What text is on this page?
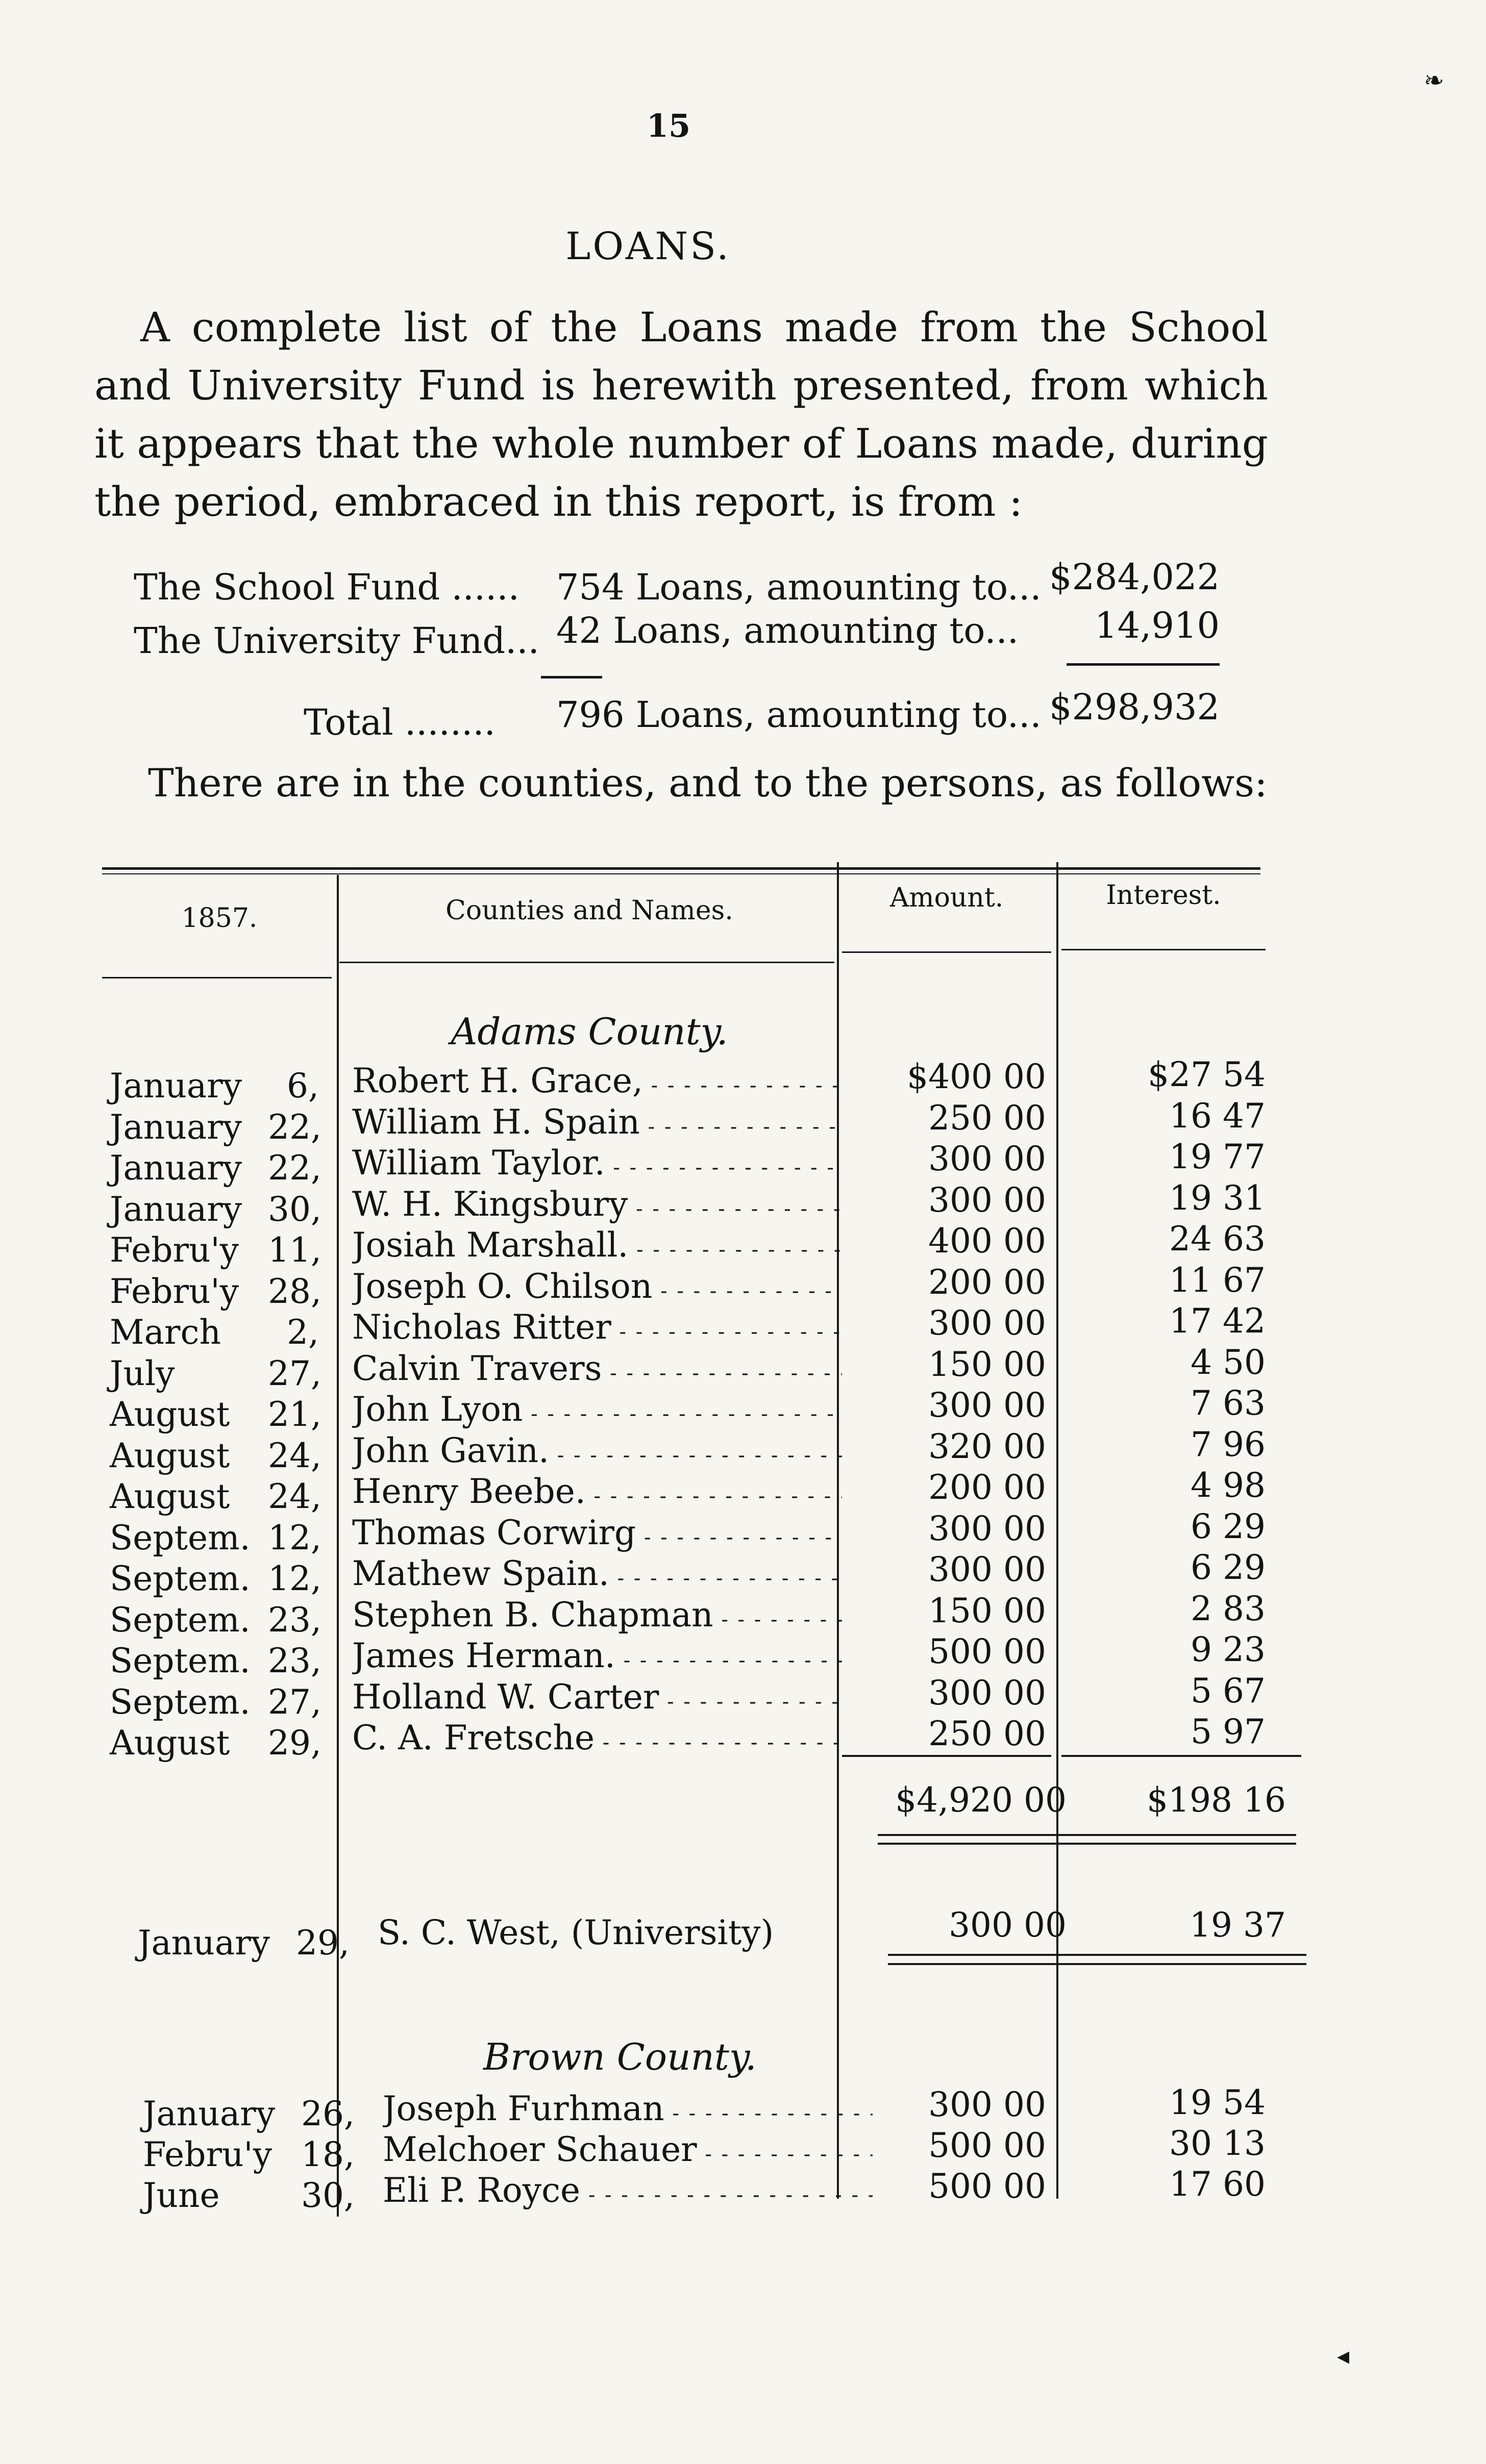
15
LOANS.
A complete list of the Loans made from the School and University Fund is herewith presented, from which it appears that the whole number of Loans made, during the period, embraced in this report, is from :
The School Fund ...... 754 Loans, amounting to... $284,022
The University Fund... 42 Loans, amounting to...	14,910
Total ........ 796 Loans, amounting to... $298,932
There are in the counties, and to the persons, as follows:
1857.	Counties and Names.	Amount.	Interest.
Adams County.
January 6, Robert H. Grace, - - -	$400 00	$27 54
January 22, William H. Spain - - -	250 00	16 47
January 22, William Taylor. - - -	300 00	19 77
January 30, W. H. Kingsbury - - -	300 00	19 31
Febru'y 11, Josiah Marshall. - - -	400 00	24 63
Febru'y 28, Joseph O. Chilson - - -	200 00	11 67
March 2, Nicholas Ritter - - -	300 00	17 42
July	27, Calvin Travers - - -	150 00	4 50
August 21, John Lyon - - -	300 00	7 63
August 24, John Gavin. - - -	320 00	7 96
August 24, Henry Beebe. - - -	200 00	4 98
Septem. 12, Thomas Corwirg - - -	300 00	6 29
Septem. 12, Mathew Spain. - - -	300 00	6 29
Septem. 23, Stephen B. Chapman - - -	150 00	2 83
Septem. 23, James Herman. - - -	500 00	9 23
Septem. 27, Holland W. Carter - - -	300 00	5 67
August 29, C. A. Fretsche - - -	250 00	5 97
$4,920 00	$198 16
January 29, S. C. West, (University)	300 00	19 37
Brown County.
January 26, Joseph Furhman - - -	300 00	19 54
Febru'y 18, Melchoer Schauer - - -	500 00	30 13
June 30, Eli P. Royce - - -	500 00	17 60
❧
◂
